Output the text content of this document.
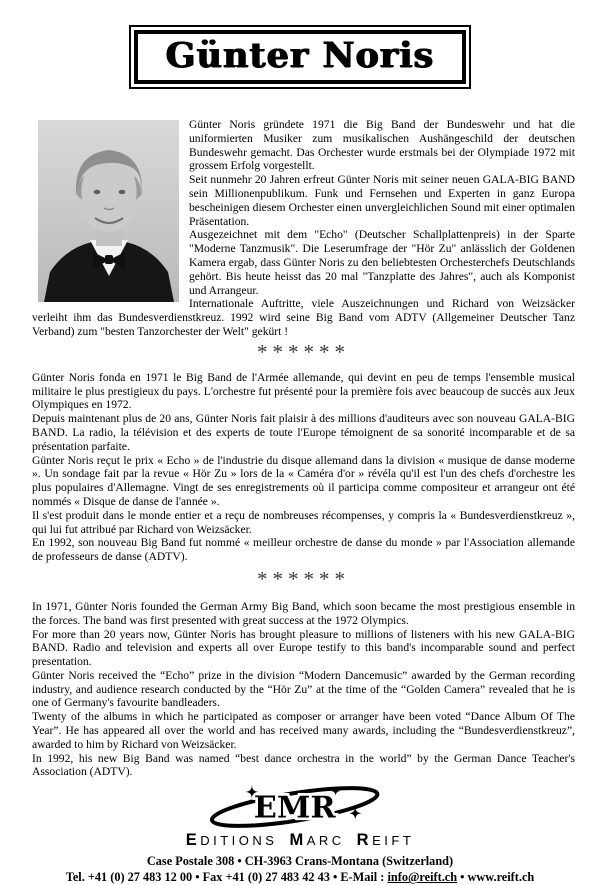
Günter Noris

Günter Noris gründete 1971 die Big Band der Bundeswehr und hat die uniformierten Musiker zum musikalischen Aushängeschild der deutschen Bundeswehr gemacht. Das Orchester wurde erstmals bei der Olympiade 1972 mit grossem Erfolg vorgestellt.

Seit nunmehr 20 Jahren erfreut Günter Noris mit seiner neuen GALA-BIG BAND sein Millionenpublikum. Funk und Fernsehen und Experten in ganz Europa bescheinigen diesem Orchester einen unvergleichlichen Sound mit einer optimalen Präsentation.

Ausgezeichnet mit dem "Echo" (Deutscher Schallplattenpreis) in der Sparte "Moderne Tanzmusik". Die Leserumfrage der "Hör Zu" anlässlich der Goldenen Kamera ergab, dass Günter Noris zu den beliebtesten Orchesterchefs Deutschlands gehört. Bis heute heisst das 20 mal "Tanzplatte des Jahres", auch als Komponist und Arrangeur.

Internationale Auftritte, viele Auszeichnungen und Richard von Weizsäcker verleiht ihm das Bundesverdienstkreuz. 1992 wird seine Big Band vom ADTV (Allgemeiner Deutscher Tanz Verband) zum "besten Tanzorchester der Welt" gekürt !

******

Günter Noris fonda en 1971 le Big Band de l'Armée allemande, qui devint en peu de temps l'ensemble musical militaire le plus prestigieux du pays. L'orchestre fut présenté pour la première fois avec beaucoup de succès aux Jeux Olympiques en 1972.

Depuis maintenant plus de 20 ans, Günter Noris fait plaisir à des millions d'auditeurs avec son nouveau GALA-BIG BAND. La radio, la télévision et des experts de toute l'Europe témoignent de sa sonorité incomparable et de sa présentation parfaite.

Günter Noris reçut le prix « Echo » de l'industrie du disque allemand dans la division « musique de danse moderne ». Un sondage fait par la revue « Hör Zu » lors de la « Caméra d'or » révéla qu'il est l'un des chefs d'orchestre les plus populaires d'Allemagne. Vingt de ses enregistrements où il participa comme compositeur et arrangeur ont été nommés « Disque de danse de l'année ».

Il s'est produit dans le monde entier et a reçu de nombreuses récompenses, y compris la « Bundesverdienstkreuz », qui lui fut attribué par Richard von Weizsäcker.

En 1992, son nouveau Big Band fut nommé « meilleur orchestre de danse du monde » par l'Association allemande de professeurs de danse (ADTV).

******

In 1971, Günter Noris founded the German Army Big Band, which soon became the most prestigious ensemble in the forces. The band was first presented with great success at the 1972 Olympics.

For more than 20 years now, Günter Noris has brought pleasure to millions of listeners with his new GALA-BIG BAND. Radio and television and experts all over Europe testify to this band's incomparable sound and perfect presentation.

Günter Noris received the “Echo” prize in the division “Modern Dancemusic” awarded by the German recording industry, and audience research conducted by the “Hör Zu” at the time of the “Golden Camera” revealed that he is one of Germany's favourite bandleaders.

Twenty of the albums in which he participated as composer or arranger have been voted “Dance Album Of The Year”. He has appeared all over the world and has received many awards, including the “Bundesverdienstkreuz”, awarded to him by Richard von Weizsäcker.

In 1992, his new Big Band was named “best dance orchestra in the world” by the German Dance Teacher's Association (ADTV).

EMR
EDITIONS MARC REIFT
Case Postale 308 • CH-3963 Crans-Montana (Switzerland)
Tel. +41 (0) 27 483 12 00 • Fax +41 (0) 27 483 42 43 • E-Mail : info@reift.ch • www.reift.ch
